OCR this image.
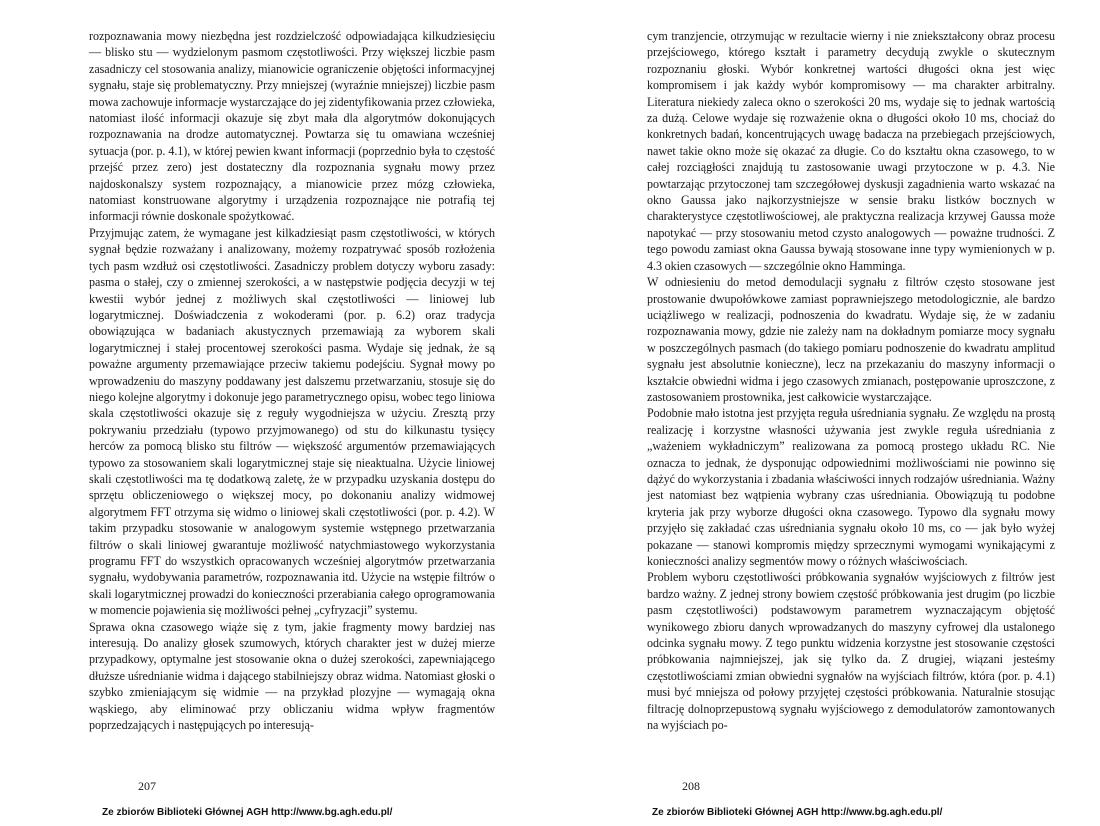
rozpoznawania mowy niezbędna jest rozdzielczość odpowiadająca kilkudziesięciu — blisko stu — wydzielonym pasmom częstotliwości. Przy większej liczbie pasm zasadniczy cel stosowania analizy, mianowicie ograniczenie objętości informacyjnej sygnału, staje się problematyczny. Przy mniejszej (wyraźnie mniejszej) liczbie pasm mowa zachowuje informacje wystarczające do jej zidentyfikowania przez człowieka, natomiast ilość informacji okazuje się zbyt mała dla algorytmów dokonujących rozpoznawania na drodze automatycznej. Powtarza się tu omawiana wcześniej sytuacja (por. p. 4.1), w której pewien kwant informacji (poprzednio była to częstość przejść przez zero) jest dostateczny dla rozpoznania sygnału mowy przez najdoskonalszy system rozpoznający, a mianowicie przez mózg człowieka, natomiast konstruowane algorytmy i urządzenia rozpoznające nie potrafią tej informacji równie doskonale spożytkować.

Przyjmując zatem, że wymagane jest kilkadziesiąt pasm częstotliwości, w których sygnał będzie rozważany i analizowany, możemy rozpatrywać sposób rozłożenia tych pasm wzdłuż osi częstotliwości. Zasadniczy problem dotyczy wyboru zasady: pasma o stałej, czy o zmiennej szerokości, a w następstwie podjęcia decyzji w tej kwestii wybór jednej z możliwych skal częstotliwości — liniowej lub logarytmicznej. Doświadczenia z wokoderami (por. p. 6.2) oraz tradycja obowiązująca w badaniach akustycznych przemawiają za wyborem skali logarytmicznej i stałej procentowej szerokości pasma. Wydaje się jednak, że są poważne argumenty przemawiające przeciw takiemu podejściu. Sygnał mowy po wprowadzeniu do maszyny poddawany jest dalszemu przetwarzaniu, stosuje się do niego kolejne algorytmy i dokonuje jego parametrycznego opisu, wobec tego liniowa skala częstotliwości okazuje się z reguły wygodniejsza w użyciu. Zresztą przy pokrywaniu przedziału (typowo przyjmowanego) od stu do kilkunastu tysięcy herców za pomocą blisko stu filtrów — większość argumentów przemawiających typowo za stosowaniem skali logarytmicznej staje się nieaktualna. Użycie liniowej skali częstotliwości ma tę dodatkową zaletę, że w przypadku uzyskania dostępu do sprzętu obliczeniowego o większej mocy, po dokonaniu analizy widmowej algorytmem FFT otrzyma się widmo o liniowej skali częstotliwości (por. p. 4.2). W takim przypadku stosowanie w analogowym systemie wstępnego przetwarzania filtrów o skali liniowej gwarantuje możliwość natychmiastowego wykorzystania programu FFT do wszystkich opracowanych wcześniej algorytmów przetwarzania sygnału, wydobywania parametrów, rozpoznawania itd. Użycie na wstępie filtrów o skali logarytmicznej prowadzi do konieczności przerabiania całego oprogramowania w momencie pojawienia się możliwości pełnej „cyfryzacji” systemu.

Sprawa okna czasowego wiąże się z tym, jakie fragmenty mowy bardziej nas interesują. Do analizy głosek szumowych, których charakter jest w dużej mierze przypadkowy, optymalne jest stosowanie okna o dużej szerokości, zapewniającego dłuższe uśrednianie widma i dającego stabilniejszy obraz widma. Natomiast głoski o szybko zmieniającym się widmie — na przykład plozyjne — wymagają okna wąskiego, aby eliminować przy obliczaniu widma wpływ fragmentów poprzedzających i następujących po interesują-

207
Ze zbiorów Biblioteki Głównej AGH http://www.bg.agh.edu.pl/

cym tranzjencie, otrzymując w rezultacie wierny i nie zniekształcony obraz procesu przejściowego, którego kształt i parametry decydują zwykle o skutecznym rozpoznaniu głoski. Wybór konkretnej wartości długości okna jest więc kompromisem i jak każdy wybór kompromisowy — ma charakter arbitralny. Literatura niekiedy zaleca okno o szerokości 20 ms, wydaje się to jednak wartością za dużą. Celowe wydaje się rozważenie okna o długości około 10 ms, chociaż do konkretnych badań, koncentrujących uwagę badacza na przebiegach przejściowych, nawet takie okno może się okazać za długie. Co do kształtu okna czasowego, to w całej rozciągłości znajdują tu zastosowanie uwagi przytoczone w p. 4.3. Nie powtarzając przytoczonej tam szczegółowej dyskusji zagadnienia warto wskazać na okno Gaussa jako najkorzystniejsze w sensie braku listków bocznych w charakterystyce częstotliwościowej, ale praktyczna realizacja krzywej Gaussa może napotykać — przy stosowaniu metod czysto analogowych — poważne trudności. Z tego powodu zamiast okna Gaussa bywają stosowane inne typy wymienionych w p. 4.3 okien czasowych — szczególnie okno Hamminga.

W odniesieniu do metod demodulacji sygnału z filtrów często stosowane jest prostowanie dwupołówkowe zamiast poprawniejszego metodologicznie, ale bardzo uciążliwego w realizacji, podnoszenia do kwadratu. Wydaje się, że w zadaniu rozpoznawania mowy, gdzie nie zależy nam na dokładnym pomiarze mocy sygnału w poszczególnych pasmach (do takiego pomiaru podnoszenie do kwadratu amplitud sygnału jest absolutnie konieczne), lecz na przekazaniu do maszyny informacji o kształcie obwiedni widma i jego czasowych zmianach, postępowanie uproszczone, z zastosowaniem prostownika, jest całkowicie wystarczające.

Podobnie mało istotna jest przyjęta reguła uśredniania sygnału. Ze względu na prostą realizację i korzystne własności używania jest zwykle reguła uśredniania z „ważeniem wykładniczym” realizowana za pomocą prostego układu RC. Nie oznacza to jednak, że dysponując odpowiednimi możliwościami nie powinno się dążyć do wykorzystania i zbadania właściwości innych rodzajów uśredniania. Ważny jest natomiast bez wątpienia wybrany czas uśredniania. Obowiązują tu podobne kryteria jak przy wyborze długości okna czasowego. Typowo dla sygnału mowy przyjęło się zakładać czas uśredniania sygnału około 10 ms, co — jak było wyżej pokazane — stanowi kompromis między sprzecznymi wymogami wynikającymi z konieczności analizy segmentów mowy o różnych właściwościach.

Problem wyboru częstotliwości próbkowania sygnałów wyjściowych z filtrów jest bardzo ważny. Z jednej strony bowiem częstość próbkowania jest drugim (po liczbie pasm częstotliwości) podstawowym parametrem wyznaczającym objętość wynikowego zbioru danych wprowadzanych do maszyny cyfrowej dla ustalonego odcinka sygnału mowy. Z tego punktu widzenia korzystne jest stosowanie częstości próbkowania najmniejszej, jak się tylko da. Z drugiej, wiązani jesteśmy częstotliwościami zmian obwiedni sygnałów na wyjściach filtrów, która (por. p. 4.1) musi być mniejsza od połowy przyjętej częstości próbkowania. Naturalnie stosując filtrację dolnoprzepustową sygnału wyjściowego z demodulatorów zamontowanych na wyjściach po-

208
Ze zbiorów Biblioteki Głównej AGH http://www.bg.agh.edu.pl/
